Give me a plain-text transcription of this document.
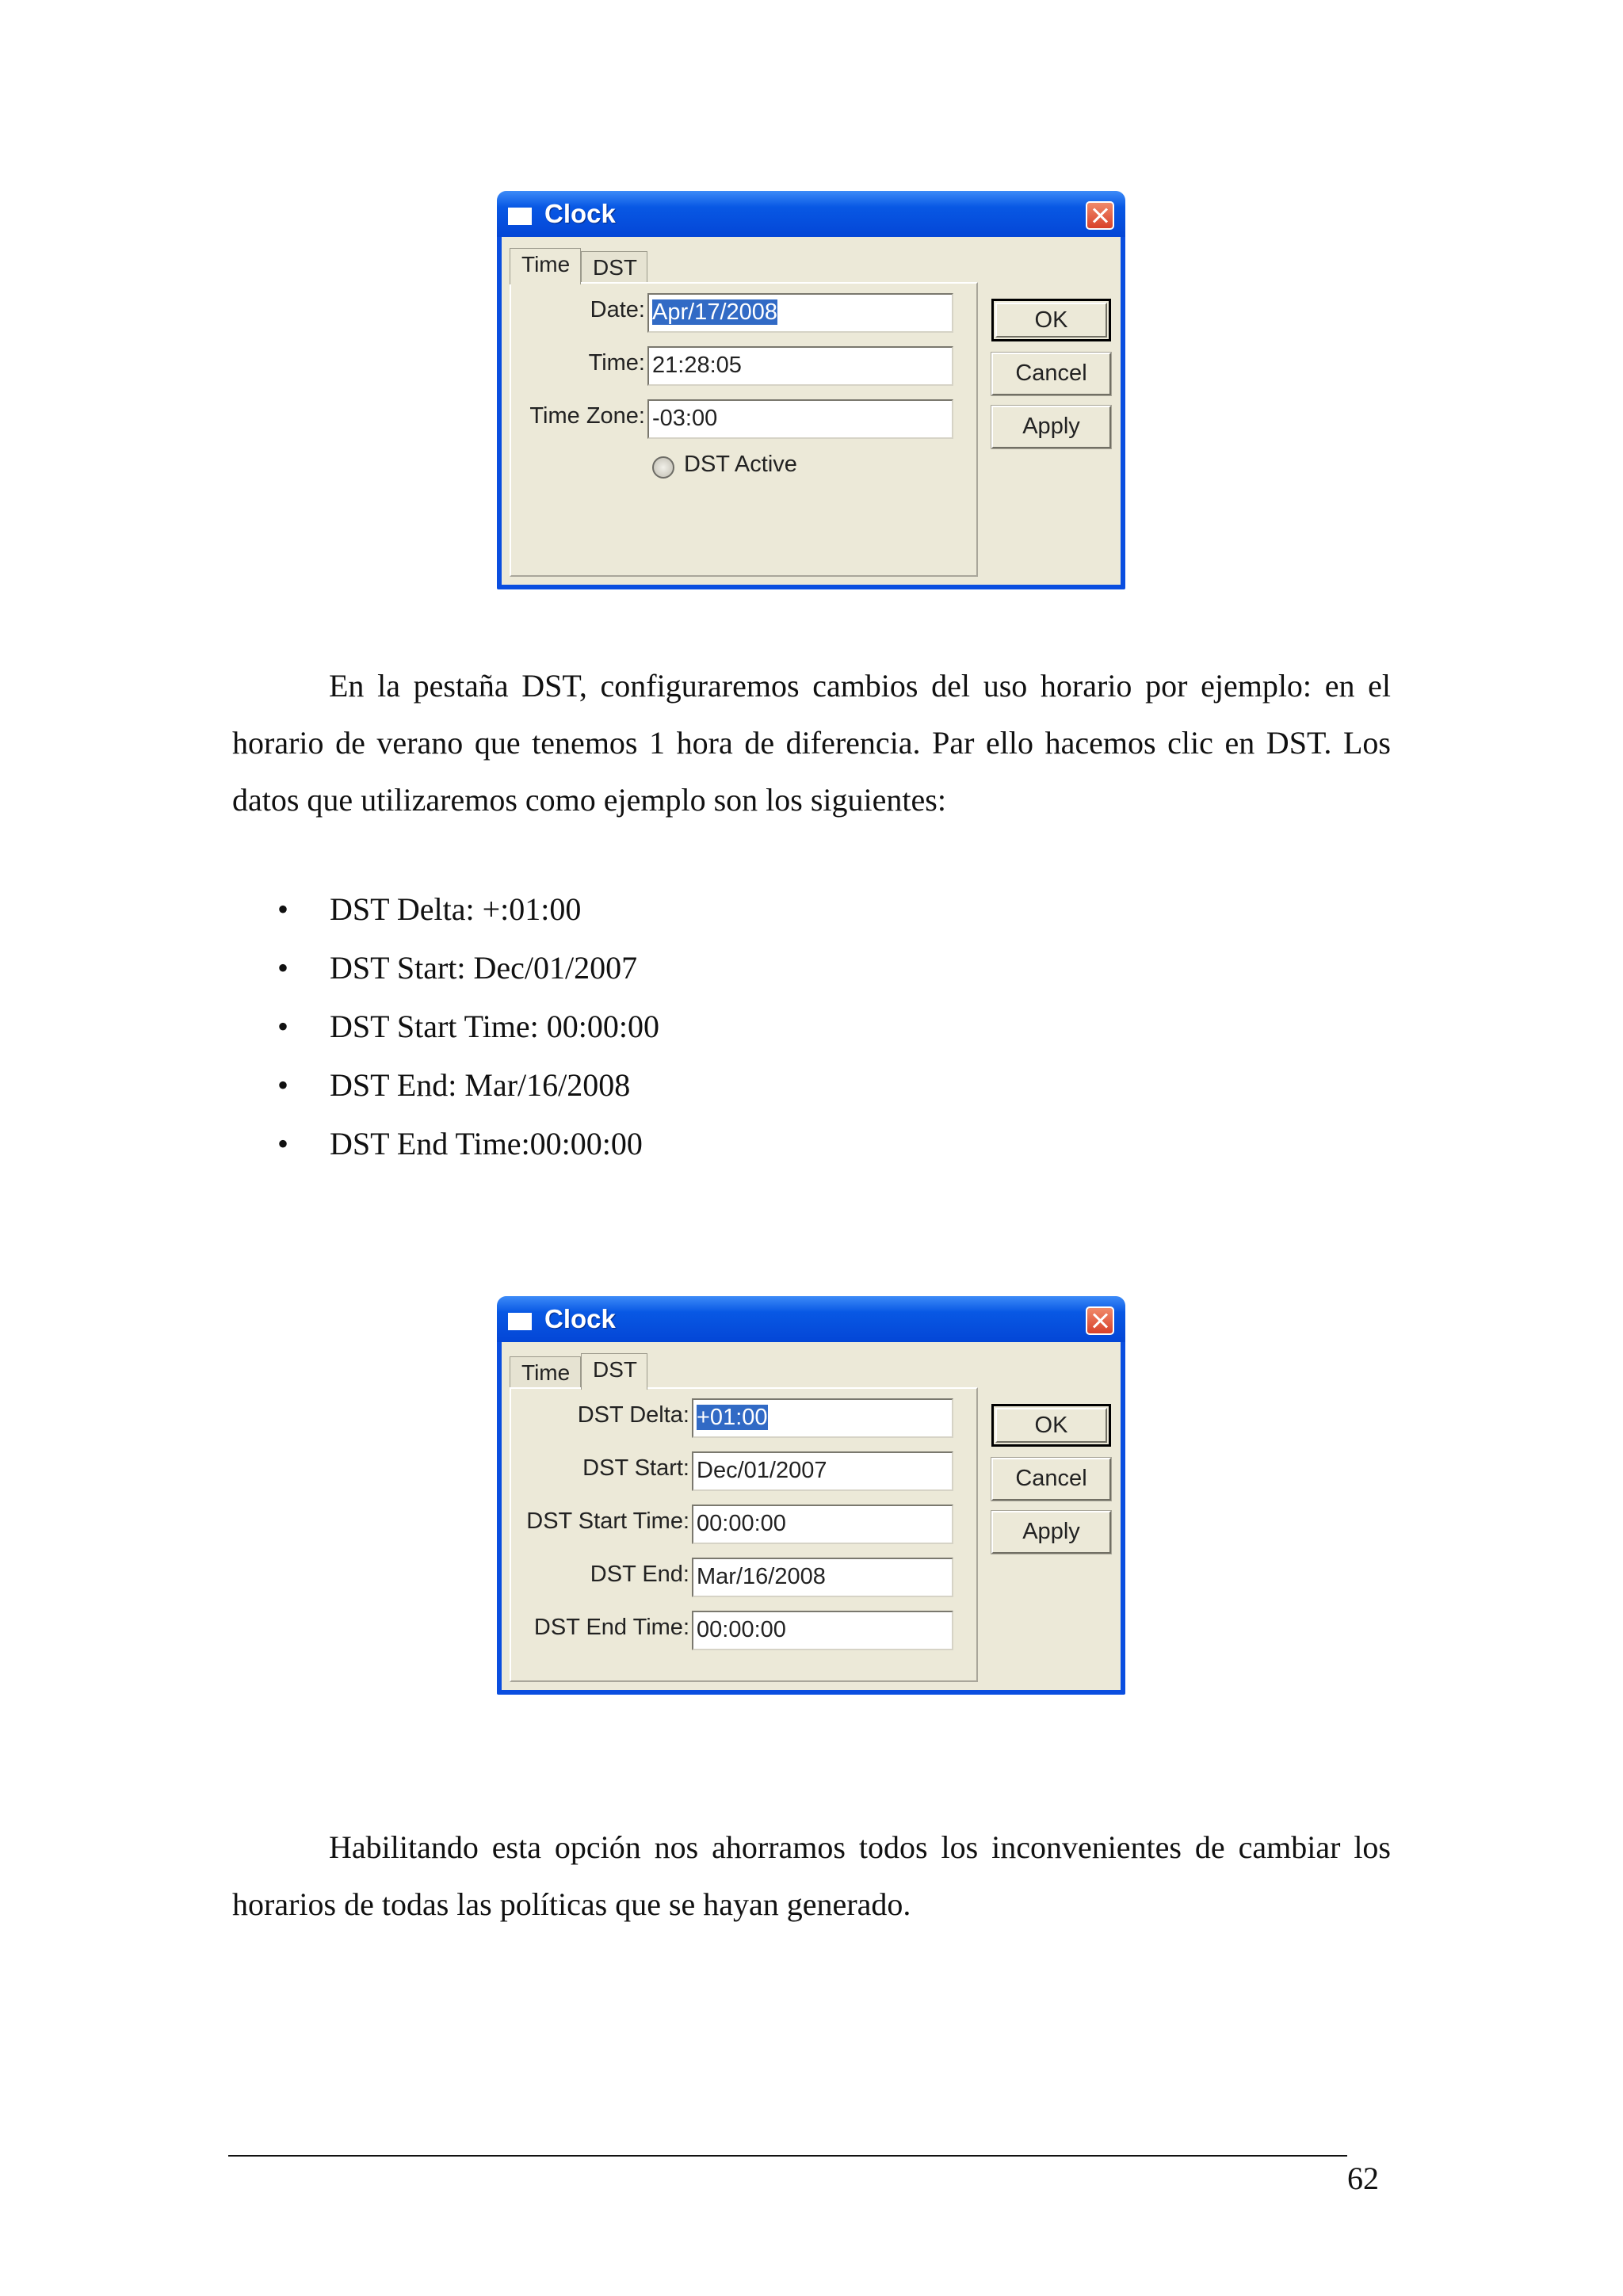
Clock
Time	DST
Date: Apr/17/2008
Time: 21:28:05
Time Zone: -03:00
DST Active
OK
Cancel
Apply
En la pestaña DST, configuraremos cambios del uso horario por ejemplo: en el horario de verano que tenemos 1 hora de diferencia. Par ello hacemos clic en DST. Los datos que utilizaremos como ejemplo son los siguientes:
• DST Delta: +:01:00
• DST Start: Dec/01/2007
• DST Start Time: 00:00:00
• DST End: Mar/16/2008
• DST End Time:00:00:00
Clock
Time	DST
DST Delta: +01:00
DST Start: Dec/01/2007
DST Start Time: 00:00:00
DST End: Mar/16/2008
DST End Time: 00:00:00
OK
Cancel
Apply
Habilitando esta opción nos ahorramos todos los inconvenientes de cambiar los horarios de todas las políticas que se hayan generado.
62
